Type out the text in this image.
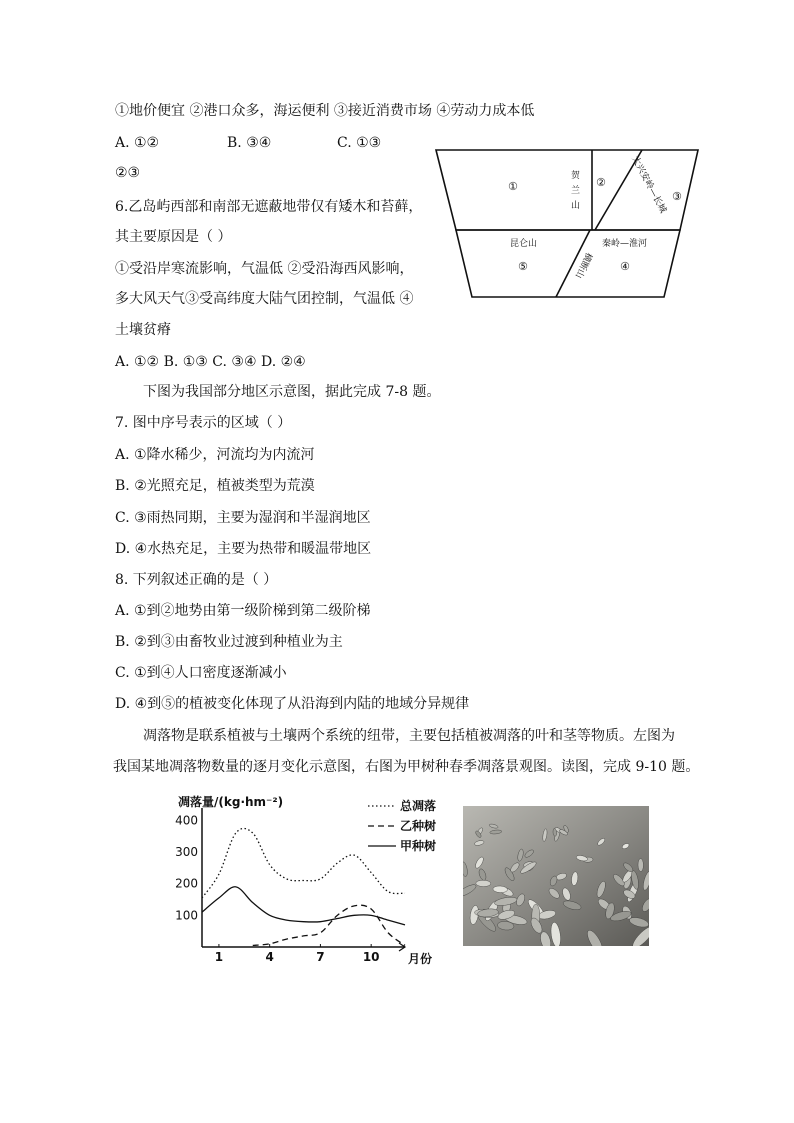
①地价便宜 ②港口众多，海运便利 ③接近消费市场 ④劳动力成本低
A. ①②	B. ③④	C. ①③
②③
6.乙岛屿西部和南部无遮蔽地带仅有矮木和苔藓，
其主要原因是（ ）
①受沿岸寒流影响，气温低 ②受沿海西风影响，
多大风天气③受高纬度大陆气团控制，气温低 ④
土壤贫瘠
A. ①② B. ①③ C. ③④ D. ②④
下图为我国部分地区示意图，据此完成 7-8 题。
7. 图中序号表示的区域（ ）
A. ①降水稀少，河流均为内流河
B. ②光照充足，植被类型为荒漠
C. ③雨热同期，主要为湿润和半湿润地区
D. ④水热充足，主要为热带和暖温带地区
8. 下列叙述正确的是（ ）
A. ①到②地势由第一级阶梯到第二级阶梯
B. ②到③由畜牧业过渡到种植业为主
C. ①到④人口密度逐渐减小
D. ④到⑤的植被变化体现了从沿海到内陆的地域分异规律
凋落物是联系植被与土壤两个系统的纽带，主要包括植被凋落的叶和茎等物质。左图为
我国某地凋落物数量的逐月变化示意图，右图为甲树种春季凋落景观图。读图，完成 9-10 题。
①	②
③
④
⑤
贺兰山	大兴安岭—长城
昆仑山	秦岭—淮河
横断山
100
200
300
400
1	4	7	10
总凋落
乙种树
甲种树
凋落量/(kg·hm⁻²)
月份
